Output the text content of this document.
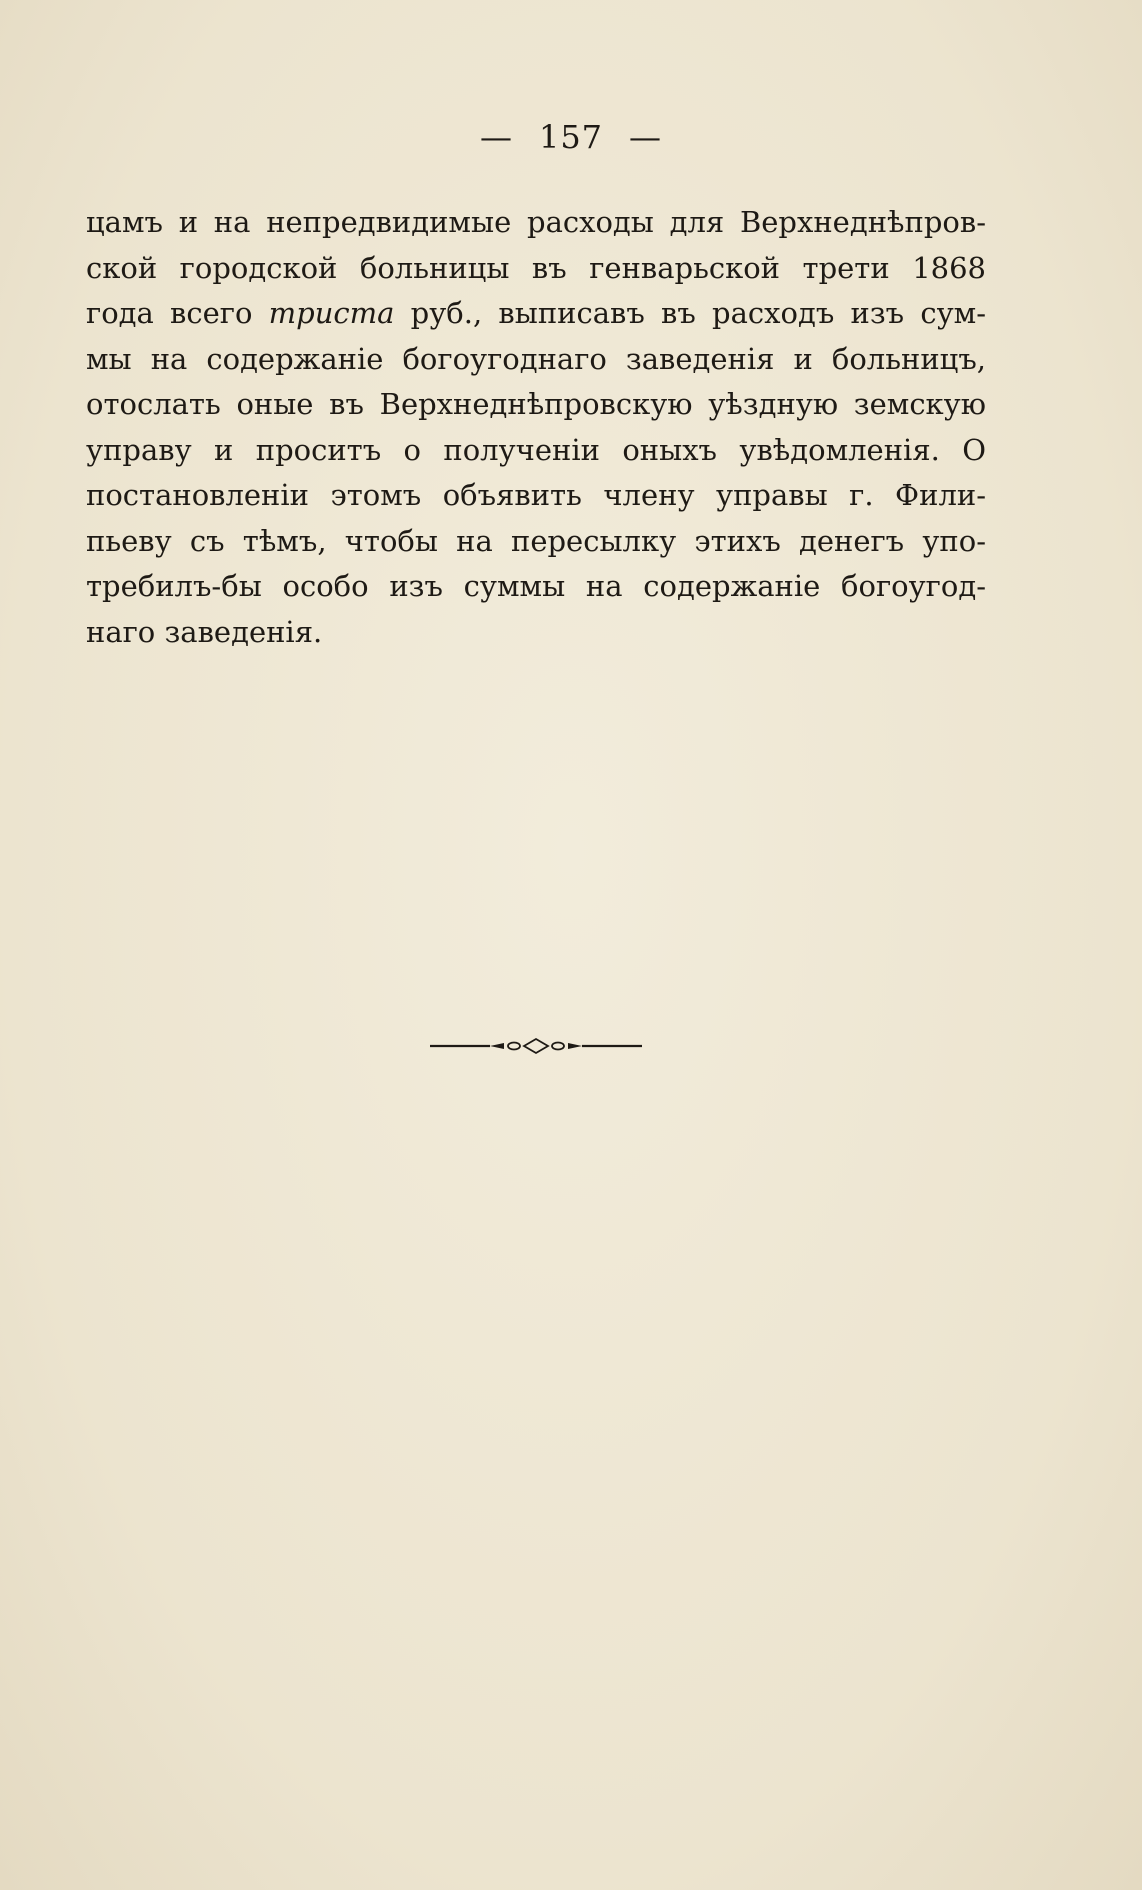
— 157 —
цамъ и на непредвидимые расходы для Верхнеднѣпров-
ской городской больницы въ генварьской трети 1868
года всего триста руб., выписавъ въ расходъ изъ сум-
мы на содержаніе богоугоднаго заведенія и больницъ,
отослать оные въ Верхнеднѣпровскую уѣздную земскую
управу и проситъ о полученіи оныхъ увѣдомленія. О
постановленіи этомъ объявить члену управы г. Фили-
пьеву съ тѣмъ, чтобы на пересылку этихъ денегъ упо-
требилъ-бы особо изъ суммы на содержаніе богоугод-
наго заведенія.
